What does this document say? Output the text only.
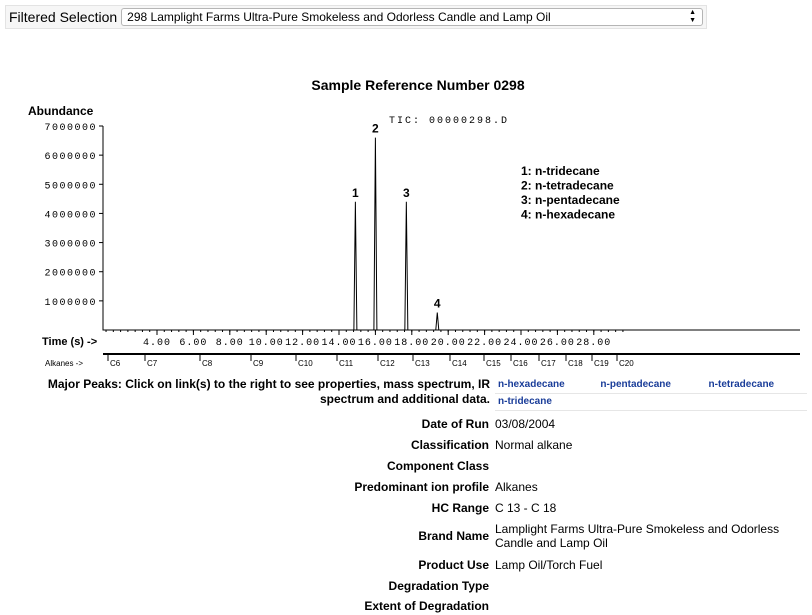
Filtered Selection 298 Lamplight Farms Ultra-Pure Smokeless and Odorless Candle and Lamp Oil	▲
▼
Sample Reference Number 0298
Abundance
TIC: 00000298.D
1000000
2000000
3000000
4000000
5000000
6000000
7000000
4.00 6.00 8.00 10.00 12.00 14.00 16.00 18.00 20.00 22.00 24.00 26.00 28.00
Time (s) ->
Alkanes ->	C6	C7	C8	C9	C10	C11	C12	C13	C14 C15 C16 C17 C18 C19 C20
1
2
3
4
1: n-tridecane
2: n-tetradecane
3: n-pentadecane
4: n-hexadecane
Major Peaks: Click on link(s) to the right to see properties, mass spectrum, IR spectrum and additional data.
n-hexadecane	n-pentadecane	n-tetradecane
n-tridecane
Date of Run 03/08/2004
Classification Normal alkane
Component Class
Predominant ion profile Alkanes
HC Range C 13 - C 18
Brand Name Lamplight Farms Ultra-Pure Smokeless and Odorless Candle and Lamp Oil
Product Use Lamp Oil/Torch Fuel
Degradation Type
Extent of Degradation
